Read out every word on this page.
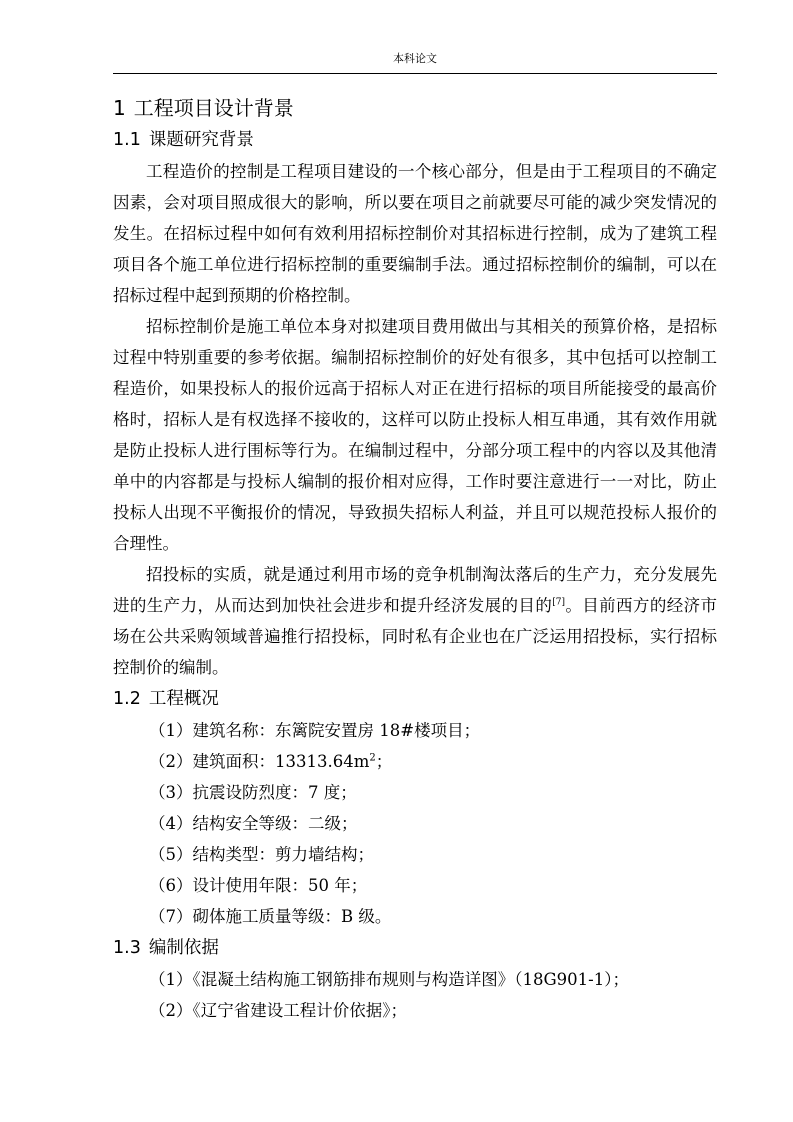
本科论文
1 工程项目设计背景
1.1 课题研究背景

工程造价的控制是工程项目建设的一个核心部分，但是由于工程项目的不确定因素，会对项目照成很大的影响，所以要在项目之前就要尽可能的减少突发情况的发生。在招标过程中如何有效利用招标控制价对其招标进行控制，成为了建筑工程项目各个施工单位进行招标控制的重要编制手法。通过招标控制价的编制，可以在招标过程中起到预期的价格控制。

招标控制价是施工单位本身对拟建项目费用做出与其相关的预算价格，是招标过程中特别重要的参考依据。编制招标控制价的好处有很多，其中包括可以控制工程造价，如果投标人的报价远高于招标人对正在进行招标的项目所能接受的最高价格时，招标人是有权选择不接收的，这样可以防止投标人相互串通，其有效作用就是防止投标人进行围标等行为。在编制过程中，分部分项工程中的内容以及其他清单中的内容都是与投标人编制的报价相对应得，工作时要注意进行一一对比，防止投标人出现不平衡报价的情况，导致损失招标人利益，并且可以规范投标人报价的合理性。

招投标的实质，就是通过利用市场的竞争机制淘汰落后的生产力，充分发展先进的生产力，从而达到加快社会进步和提升经济发展的目的[7]。目前西方的经济市场在公共采购领域普遍推行招投标，同时私有企业也在广泛运用招投标，实行招标控制价的编制。

1.2 工程概况
（1）建筑名称：东篱院安置房 18#楼项目；
（2）建筑面积：$13313.64m^2$；
（3）抗震设防烈度：7 度；
（4）结构安全等级：二级；
（5）结构类型：剪力墙结构；
（6）设计使用年限：50 年；
（7）砌体施工质量等级：B 级。
1.3 编制依据
（1）《混凝土结构施工钢筋排布规则与构造详图》（18G901-1）；
（2）《辽宁省建设工程计价依据》；
